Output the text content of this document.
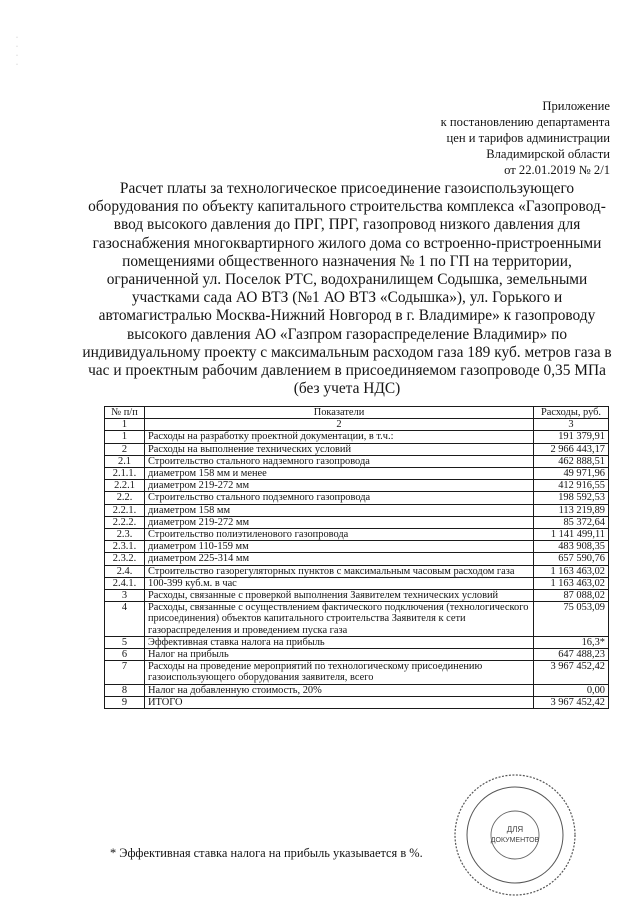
·
·
·
·
Приложение
к постановлению департамента
цен и тарифов администрации
Владимирской области
от 22.01.2019 № 2/1
Расчет платы за технологическое присоединение газоиспользующего оборудования по объекту капитального строительства комплекса «Газопровод-ввод высокого давления до ПРГ, ПРГ, газопровод низкого давления для газоснабжения многоквартирного жилого дома со встроенно-пристроенными помещениями общественного назначения № 1 по ГП на территории, ограниченной ул. Поселок РТС, водохранилищем Содышка, земельными участками сада АО ВТЗ (№1 АО ВТЗ «Содышка»), ул. Горького и автомагистралью Москва-Нижний Новгород в г. Владимире» к газопроводу высокого давления АО «Газпром газораспределение Владимир» по индивидуальному проекту с максимальным расходом газа 189 куб. метров газа в час и проектным рабочим давлением в присоединяемом газопроводе 0,35 МПа (без учета НДС)
№ п/п	Показатели	Расходы, руб.
1	2	3
1	Расходы на разработку проектной документации, в т.ч.:	191 379,91
2	Расходы на выполнение технических условий	2 966 443,17
2.1	Строительство стального надземного газопровода	462 888,51
2.1.1.	диаметром 158 мм и менее	49 971,96
2.2.1	диаметром 219-272 мм	412 916,55
2.2.	Строительство стального подземного газопровода	198 592,53
2.2.1.	диаметром 158 мм	113 219,89
2.2.2.	диаметром 219-272 мм	85 372,64
2.3.	Строительство полиэтиленового газопровода	1 141 499,11
2.3.1.	диаметром 110-159 мм	483 908,35
2.3.2.	диаметром 225-314 мм	657 590,76
2.4.	Строительство газорегуляторных пунктов с максимальным часовым расходом газа	1 163 463,02
2.4.1.	100-399 куб.м. в час	1 163 463,02
3	Расходы, связанные с проверкой выполнения Заявителем технических условий	87 088,02
4	Расходы, связанные с осуществлением фактического подключения (технологического присоединения) объектов капитального строительства Заявителя к сети газораспределения и проведением пуска газа	75 053,09
5	Эффективная ставка налога на прибыль	16,3*
6	Налог на прибыль	647 488,23
7	Расходы на проведение мероприятий по технологическому присоединению газоиспользующего оборудования заявителя, всего	3 967 452,42
8	Налог на добавленную стоимость, 20%	0,00
9	ИТОГО	3 967 452,42
* Эффективная ставка налога на прибыль указывается в %.
ДЛЯ
ДОКУМЕНТОВ
